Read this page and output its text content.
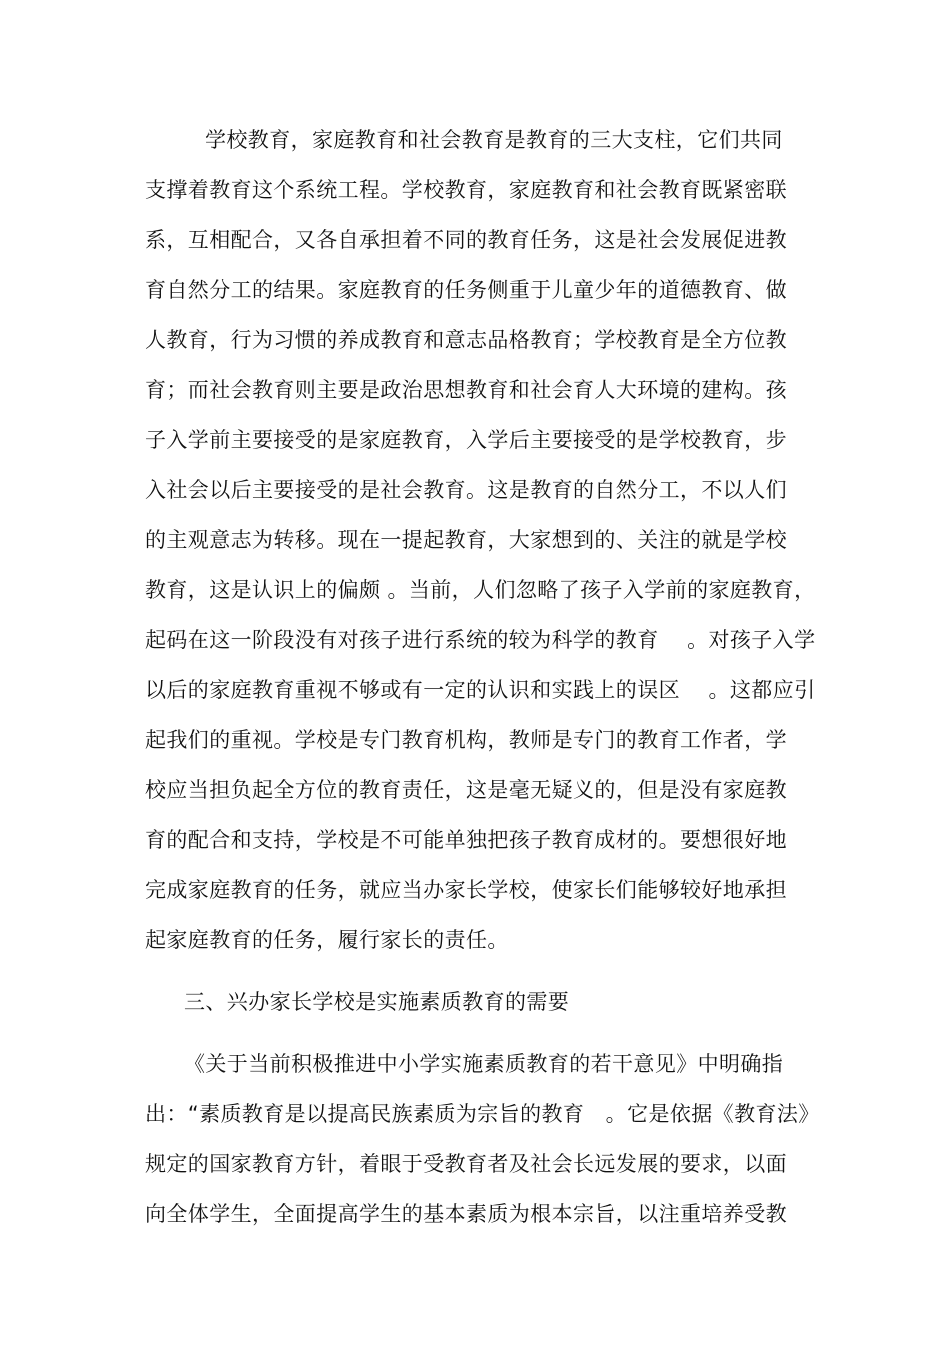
学校教育，家庭教育和社会教育是教育的三大支柱，它们共同
支撑着教育这个系统工程。学校教育，家庭教育和社会教育既紧密联
系，互相配合，又各自承担着不同的教育任务，这是社会发展促进教
育自然分工的结果。家庭教育的任务侧重于儿童少年的道德教育、做
人教育，行为习惯的养成教育和意志品格教育；学校教育是全方位教
育；而社会教育则主要是政治思想教育和社会育人大环境的建构。孩
子入学前主要接受的是家庭教育，入学后主要接受的是学校教育，步
入社会以后主要接受的是社会教育。这是教育的自然分工，不以人们
的主观意志为转移。现在一提起教育，大家想到的、关注的就是学校
教育，这是认识上的偏颇 。当前，人们忽略了孩子入学前的家庭教育，
起码在这一阶段没有对孩子进行系统的较为科学的教育　 。对孩子入学
以后的家庭教育重视不够或有一定的认识和实践上的误区　 。这都应引
起我们的重视。学校是专门教育机构，教师是专门的教育工作者，学
校应当担负起全方位的教育责任，这是毫无疑义的，但是没有家庭教
育的配合和支持，学校是不可能单独把孩子教育成材的。要想很好地
完成家庭教育的任务，就应当办家长学校，使家长们能够较好地承担
起家庭教育的任务，履行家长的责任。
三、兴办家长学校是实施素质教育的需要
《关于当前积极推进中小学实施素质教育的若干意见》中明确指
出：“素质教育是以提高民族素质为宗旨的教育　。它是依据《教育法》
规定的国家教育方针，着眼于受教育者及社会长远发展的要求，以面
向全体学生，全面提高学生的基本素质为根本宗旨，以注重培养受教
